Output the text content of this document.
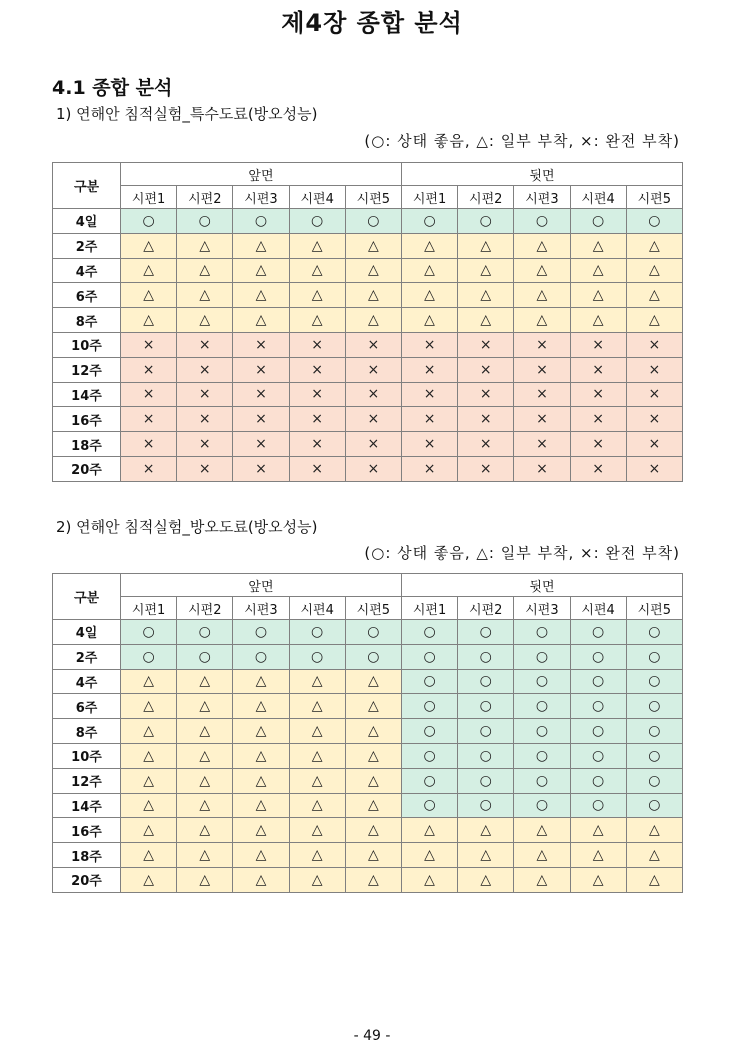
제4장 종합 분석
4.1 종합 분석
1) 연해안 침적실험_특수도료(방오성능)
(○: 상태 좋음, △: 일부 부착, ×: 완전 부착)
구분	앞면					뒷면				
	시편1	시편2	시편3	시편4	시편5	시편1	시편2	시편3	시편4	시편5
4일	○	○	○	○	○	○	○	○	○	○
2주	△	△	△	△	△	△	△	△	△	△
4주	△	△	△	△	△	△	△	△	△	△
6주	△	△	△	△	△	△	△	△	△	△
8주	△	△	△	△	△	△	△	△	△	△
10주	×	×	×	×	×	×	×	×	×	×
12주	×	×	×	×	×	×	×	×	×	×
14주	×	×	×	×	×	×	×	×	×	×
16주	×	×	×	×	×	×	×	×	×	×
18주	×	×	×	×	×	×	×	×	×	×
20주	×	×	×	×	×	×	×	×	×	×
2) 연해안 침적실험_방오도료(방오성능)
(○: 상태 좋음, △: 일부 부착, ×: 완전 부착)
구분	앞면					뒷면				
	시편1	시편2	시편3	시편4	시편5	시편1	시편2	시편3	시편4	시편5
4일	○	○	○	○	○	○	○	○	○	○
2주	○	○	○	○	○	○	○	○	○	○
4주	△	△	△	△	△	○	○	○	○	○
6주	△	△	△	△	△	○	○	○	○	○
8주	△	△	△	△	△	○	○	○	○	○
10주	△	△	△	△	△	○	○	○	○	○
12주	△	△	△	△	△	○	○	○	○	○
14주	△	△	△	△	△	○	○	○	○	○
16주	△	△	△	△	△	△	△	△	△	△
18주	△	△	△	△	△	△	△	△	△	△
20주	△	△	△	△	△	△	△	△	△	△
- 49 -
